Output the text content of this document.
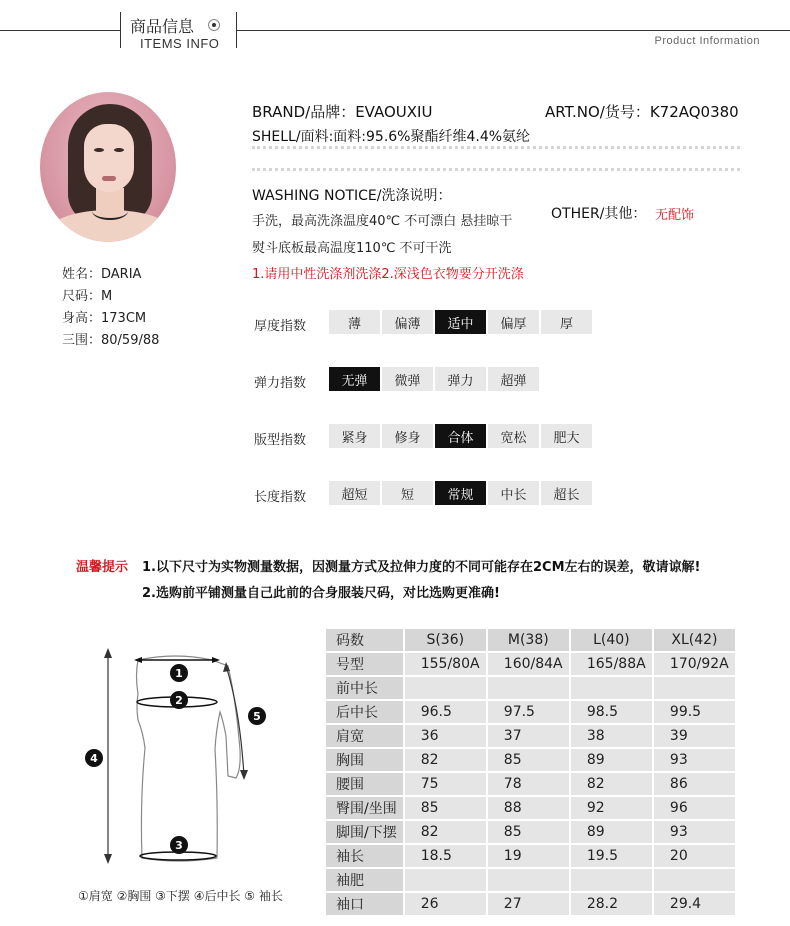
商品信息
ITEMS INFO	Product Information
姓名：DARIA
尺码：M
身高：173CM
三围：80/59/88
BRAND/品牌：EVAOUXIU	ART.NO/货号：K72AQ0380
SHELL/面料:面料:95.6%聚酯纤维4.4%氨纶
WASHING NOTICE/洗涤说明：
手洗，最高洗涤温度40℃ 不可漂白 悬挂晾干
熨斗底板最高温度110℃ 不可干洗
1.请用中性洗涤剂洗涤2.深浅色衣物要分开洗涤
OTHER/其他： 无配饰
厚度指数	薄	偏薄	适中	偏厚	厚
弹力指数	无弹	微弹	弹力	超弹
版型指数	紧身	修身	合体	宽松	肥大
长度指数	超短	短	常规	中长	超长
温馨提示 1.以下尺寸为实物测量数据，因测量方式及拉伸力度的不同可能存在2CM左右的误差，敬请谅解!
2.选购前平铺测量自己此前的合身服装尺码，对比选购更准确!
1
2
3
4
5
①肩宽 ②胸围 ③下摆 ④后中长 ⑤ 袖长
码数	S(36)	M(38)	L(40)	XL(42)
号型	155/80A	160/84A	165/88A	170/92A
前中长				
后中长	96.5	97.5	98.5	99.5
肩宽	36	37	38	39
胸围	82	85	89	93
腰围	75	78	82	86
臀围/坐围	85	88	92	96
脚围/下摆	82	85	89	93
袖长	18.5	19	19.5	20
袖肥				
袖口	26	27	28.2	29.4
